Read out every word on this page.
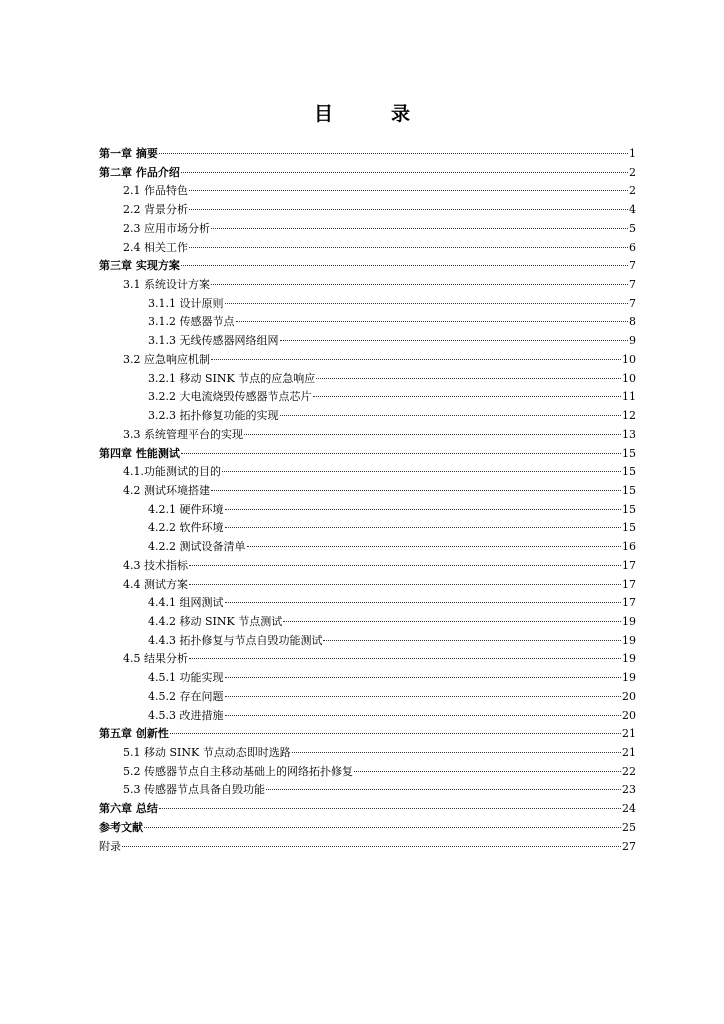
目录
第一章 摘要	1
第二章 作品介绍	2
2.1 作品特色	2
2.2 背景分析	4
2.3 应用市场分析	5
2.4 相关工作	6
第三章 实现方案	7
3.1 系统设计方案	7
3.1.1 设计原则	7
3.1.2 传感器节点	8
3.1.3 无线传感器网络组网	9
3.2 应急响应机制	10
3.2.1 移动 SINK 节点的应急响应	10
3.2.2 大电流烧毁传感器节点芯片	11
3.2.3 拓扑修复功能的实现	12
3.3 系统管理平台的实现	13
第四章 性能测试	15
4.1.功能测试的目的	15
4.2 测试环境搭建	15
4.2.1 硬件环境	15
4.2.2 软件环境	15
4.2.2 测试设备清单	16
4.3 技术指标	17
4.4 测试方案	17
4.4.1 组网测试	17
4.4.2 移动 SINK 节点测试	19
4.4.3 拓扑修复与节点自毁功能测试	19
4.5 结果分析	19
4.5.1 功能实现	19
4.5.2 存在问题	20
4.5.3 改进措施	20
第五章 创新性	21
5.1 移动 SINK 节点动态即时选路	21
5.2 传感器节点自主移动基础上的网络拓扑修复	22
5.3 传感器节点具备自毁功能	23
第六章 总结	24
参考文献	25
附录	27
